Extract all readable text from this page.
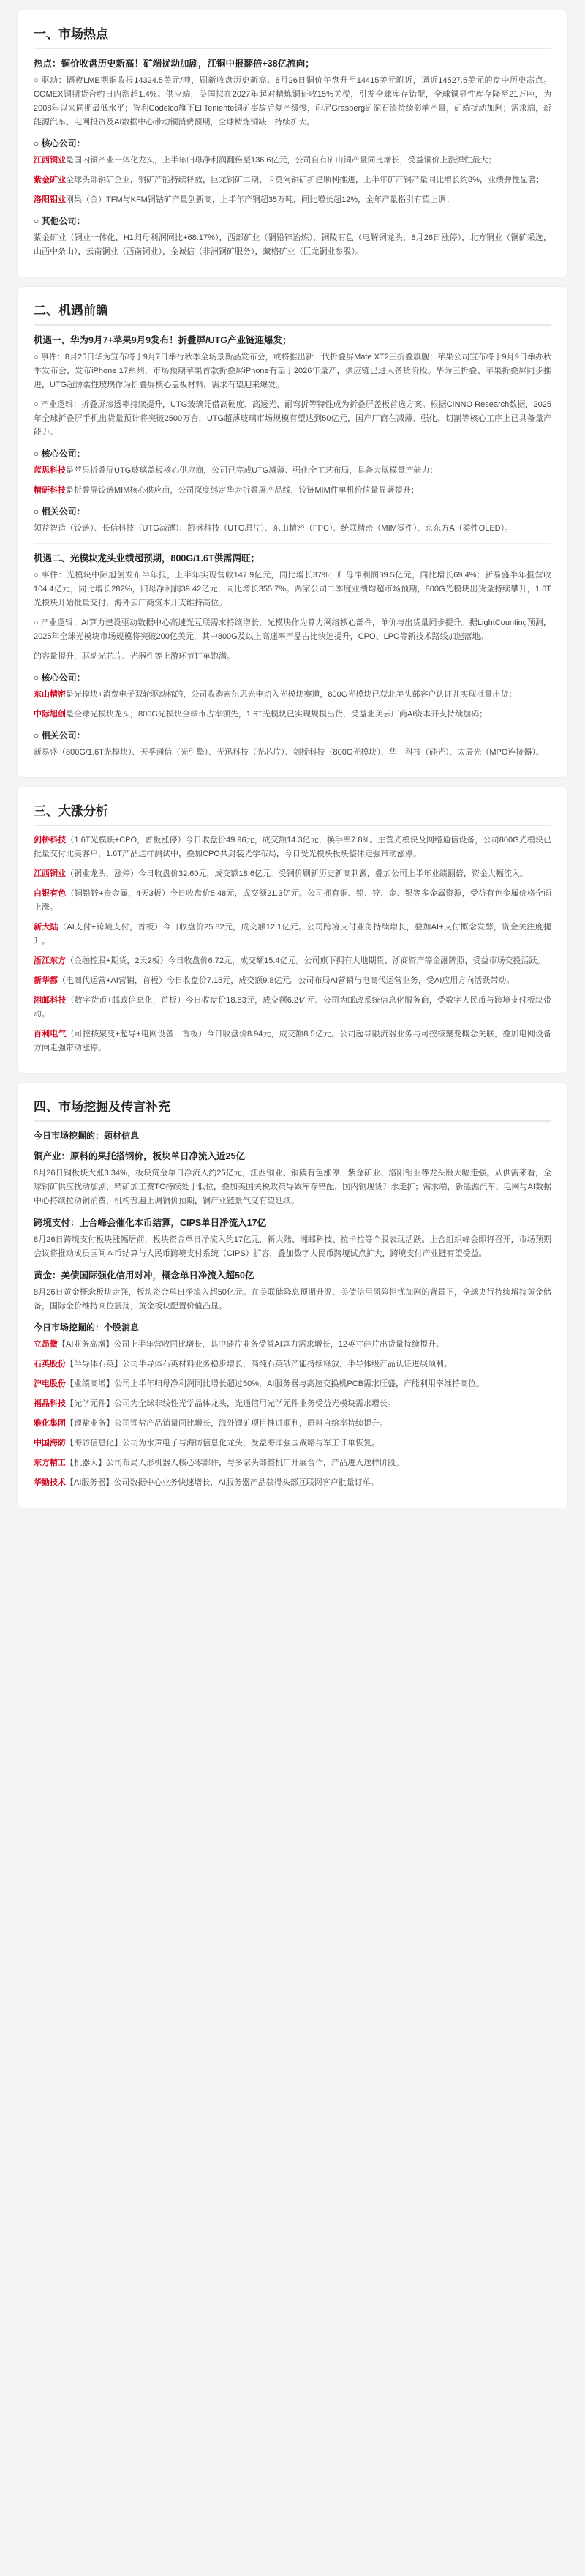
一、市场热点
热点：铜价收盘历史新高！矿端扰动加剧，江铜中报翻倍+38亿流向；

○ 驱动：隔夜LME期铜收报14324.5美元/吨，刷新收盘历史新高。8月26日铜价午盘升至14415美元附近，逼近14527.5美元的盘中历史高点。COMEX铜期货合约日内涨超1.4%。供应端，美国拟在2027年起对精炼铜征收15%关税，引发全球库存错配，全球铜显性库存降至21万吨，为2008年以来同期最低水平；智利Codelco旗下El Teniente铜矿事故后复产缓慢，印尼Grasberg矿泥石流持续影响产量，矿端扰动加剧；需求端，新能源汽车、电网投资及AI数据中心带动铜消费预期，全球精炼铜缺口持续扩大。

○ 核心公司：

江西铜业是国内铜产业一体化龙头，上半年归母净利润翻倍至136.6亿元，公司自有矿山铜产量同比增长，受益铜价上涨弹性最大；

紫金矿业全球头部铜矿企业，铜矿产能持续释放，巨龙铜矿二期、卡莫阿铜矿扩建顺利推进，上半年矿产铜产量同比增长约8%，业绩弹性显著；

洛阳钼业刚果（金）TFM与KFM铜钴矿产量创新高，上半年产铜超35万吨，同比增长超12%，全年产量指引有望上调；

○ 其他公司：

紫金矿业（铜业一体化，H1归母利润同比+68.17%），西部矿业（铜铅锌冶炼），铜陵有色（电解铜龙头，8月26日涨停），北方铜业（铜矿采选，山西中条山），云南铜业（西南铜业），金诚信（非洲铜矿服务），藏格矿业（巨龙铜业参股）。

二、机遇前瞻
机遇一、华为9月7+苹果9月9发布！折叠屏/UTG产业链迎爆发；

○ 事件：8月25日华为宣布将于9月7日举行秋季全场景新品发布会，或将推出新一代折叠屏Mate XT2三折叠旗舰；苹果公司宣布将于9月9日举办秋季发布会，发布iPhone 17系列，市场预期苹果首款折叠屏iPhone有望于2026年量产，供应链已进入备货阶段。华为三折叠、苹果折叠屏同步推进，UTG超薄柔性玻璃作为折叠屏核心盖板材料，需求有望迎来爆发。

○ 产业逻辑：折叠屏渗透率持续提升，UTG玻璃凭借高硬度、高透光、耐弯折等特性成为折叠屏盖板首选方案。根据CINNO Research数据，2025年全球折叠屏手机出货量预计将突破2500万台，UTG超薄玻璃市场规模有望达到50亿元，国产厂商在减薄、强化、切割等核心工序上已具备量产能力。

○ 核心公司：

蓝思科技是苹果折叠屏UTG玻璃盖板核心供应商，公司已完成UTG减薄、强化全工艺布局，具备大规模量产能力；

精研科技是折叠屏铰链MIM核心供应商，公司深度绑定华为折叠屏产品线，铰链MIM件单机价值量显著提升；

○ 相关公司：

领益智造（铰链）、长信科技（UTG减薄）、凯盛科技（UTG原片）、东山精密（FPC）、统联精密（MIM零件）、京东方A（柔性OLED）。

机遇二、光模块龙头业绩超预期，800G/1.6T供需两旺；

○ 事件：光模块中际旭创发布半年报，上半年实现营收147.9亿元，同比增长37%；归母净利润39.5亿元，同比增长69.4%；新易盛半年报营收104.4亿元，同比增长282%，归母净利润39.42亿元，同比增长355.7%。两家公司二季度业绩均超市场预期，800G光模块出货量持续攀升，1.6T光模块开始批量交付，海外云厂商资本开支维持高位。

○ 产业逻辑：AI算力建设驱动数据中心高速光互联需求持续增长，光模块作为算力网络核心部件，单价与出货量同步提升。据LightCounting预测，2025年全球光模块市场规模将突破200亿美元，其中800G及以上高速率产品占比快速提升，CPO、LPO等新技术路线加速落地。

的容量提升，驱动光芯片、光器件等上游环节订单饱满。

○ 核心公司：

东山精密是光模块+消费电子双轮驱动标的，公司收购索尔思光电切入光模块赛道，800G光模块已获北美头部客户认证并实现批量出货；

中际旭创是全球光模块龙头，800G光模块全球市占率领先，1.6T光模块已实现规模出货，受益北美云厂商AI资本开支持续加码；

○ 相关公司：

新易盛（800G/1.6T光模块）、天孚通信（光引擎）、光迅科技（光芯片）、剑桥科技（800G光模块）、华工科技（硅光）、太辰光（MPO连接器）。

三、大涨分析

剑桥科技（1.6T光模块+CPO，首板涨停）今日收盘价49.96元，成交额14.3亿元，换手率7.8%。主营光模块及网络通信设备，公司800G光模块已批量交付北美客户，1.6T产品送样测试中，叠加CPO共封装光学布局，今日受光模块板块整体走强带动涨停。

江西铜业（铜业龙头，涨停）今日收盘价32.60元，成交额18.6亿元。受铜价刷新历史新高刺激，叠加公司上半年业绩翻倍，资金大幅流入。

白银有色（铜铅锌+贵金属，4天3板）今日收盘价5.48元，成交额21.3亿元。公司拥有铜、铅、锌、金、银等多金属资源，受益有色金属价格全面上涨。

新大陆（AI支付+跨境支付，首板）今日收盘价25.82元，成交额12.1亿元。公司跨境支付业务持续增长，叠加AI+支付概念发酵，资金关注度提升。

浙江东方（金融控股+期货，2天2板）今日收盘价6.72元，成交额15.4亿元。公司旗下拥有大地期货、浙商资产等金融牌照，受益市场交投活跃。

新华都（电商代运营+AI营销，首板）今日收盘价7.15元，成交额9.8亿元。公司布局AI营销与电商代运营业务，受AI应用方向活跃带动。

湘邮科技（数字货币+邮政信息化，首板）今日收盘价18.63元，成交额6.2亿元。公司为邮政系统信息化服务商，受数字人民币与跨境支付板块带动。

百利电气（可控核聚变+超导+电网设备，首板）今日收盘价8.94元，成交额8.5亿元。公司超导限流器业务与可控核聚变概念关联，叠加电网设备方向走强带动涨停。

四、市场挖掘及传言补充
今日市场挖掘的：题材信息
铜产业：原料的果托搭钢价，板块单日净流入近25亿

8月26日铜板块大涨3.34%，板块资金单日净流入约25亿元，江西铜业、铜陵有色涨停，紫金矿业、洛阳钼业等龙头股大幅走强。从供需来看，全球铜矿供应扰动加剧，精矿加工费TC持续处于低位，叠加美国关税政策导致库存错配，国内铜现货升水走扩；需求端，新能源汽车、电网与AI数据中心持续拉动铜消费，机构普遍上调铜价预期，铜产业链景气度有望延续。

跨境支付：上合峰会催化本币结算，CIPS单日净流入17亿

8月26日跨境支付板块涨幅居前，板块资金单日净流入约17亿元，新大陆、湘邮科技、拉卡拉等个股表现活跃。上合组织峰会即将召开，市场预期会议将推动成员国间本币结算与人民币跨境支付系统（CIPS）扩容，叠加数字人民币跨境试点扩大，跨境支付产业链有望受益。

黄金：美债国际强化信用对冲，概念单日净流入超50亿

8月26日黄金概念板块走强，板块资金单日净流入超50亿元。在美联储降息预期升温、美债信用风险担忧加剧的背景下，全球央行持续增持黄金储备，国际金价维持高位震荡，黄金板块配置价值凸显。

今日市场挖掘的：个股消息

立昂微【AI业务高增】公司上半年营收同比增长，其中硅片业务受益AI算力需求增长，12英寸硅片出货量持续提升。

石英股份【半导体石英】公司半导体石英材料业务稳步增长，高纯石英砂产能持续释放，半导体级产品认证进展顺利。

沪电股份【业绩高增】公司上半年归母净利润同比增长超过50%，AI服务器与高速交换机PCB需求旺盛，产能利用率维持高位。

福晶科技【光学元件】公司为全球非线性光学晶体龙头，光通信用光学元件业务受益光模块需求增长。

雅化集团【锂盐业务】公司锂盐产品销量同比增长，海外锂矿项目推进顺利，原料自给率持续提升。

中国海防【海防信息化】公司为水声电子与海防信息化龙头，受益海洋强国战略与军工订单恢复。

东方精工【机器人】公司布局人形机器人核心零部件，与多家头部整机厂开展合作，产品进入送样阶段。

华勤技术【AI服务器】公司数据中心业务快速增长，AI服务器产品获得头部互联网客户批量订单。
